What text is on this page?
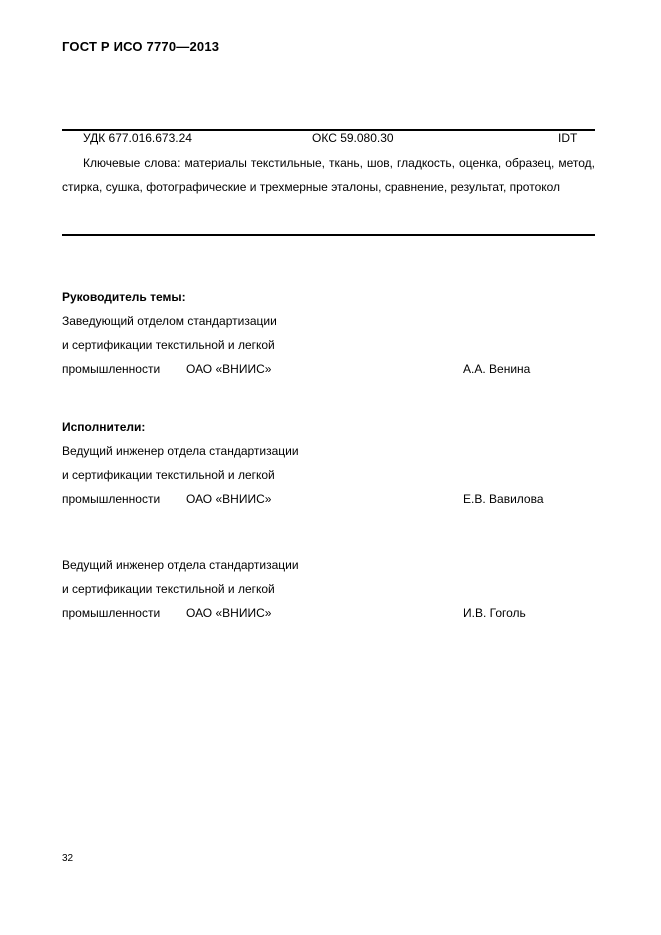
ГОСТ Р ИСО 7770—2013
УДК 677.016.673.24	ОКС 59.080.30	IDT
Ключевые слова: материалы текстильные, ткань, шов, гладкость, оценка, образец, метод, стирка, сушка, фотографические и трехмерные эталоны, сравнение, результат, протокол
Руководитель темы:
Заведующий отделом стандартизации
и сертификации текстильной и легкой
промышленности ОАО «ВНИИС»	А.А. Венина
Исполнители:
Ведущий инженер отдела стандартизации
и сертификации текстильной и легкой
промышленности ОАО «ВНИИС»	Е.В. Вавилова
Ведущий инженер отдела стандартизации
и сертификации текстильной и легкой
промышленности ОАО «ВНИИС»	И.В. Гоголь
32
